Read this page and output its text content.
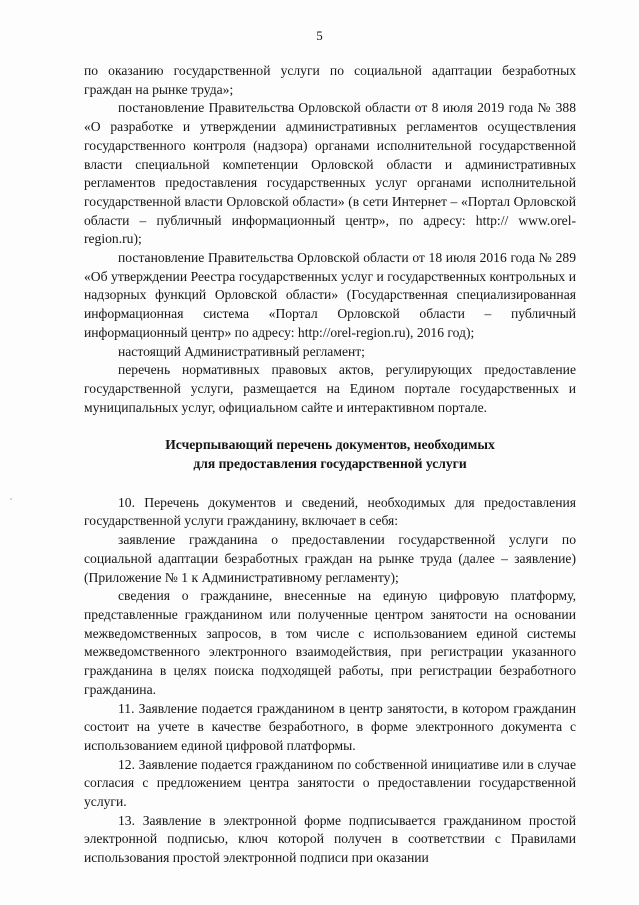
5

по оказанию государственной услуги по социальной адаптации безработных граждан на рынке труда»;

постановление Правительства Орловской области от 8 июля 2019 года № 388 «О разработке и утверждении административных регламентов осуществления государственного контроля (надзора) органами исполнительной государственной власти специальной компетенции Орловской области и административных регламентов предоставления государственных услуг органами исполнительной государственной власти Орловской области» (в сети Интернет – «Портал Орловской области – публичный информационный центр», по адресу: http:// www.orel-region.ru);

постановление Правительства Орловской области от 18 июля 2016 года № 289 «Об утверждении Реестра государственных услуг и государственных контрольных и надзорных функций Орловской области» (Государственная специализированная информационная система «Портал Орловской области – публичный информационный центр» по адресу: http://orel-region.ru), 2016 год);

настоящий Административный регламент;

перечень нормативных правовых актов, регулирующих предоставление государственной услуги, размещается на Едином портале государственных и муниципальных услуг, официальном сайте и интерактивном портале.

Исчерпывающий перечень документов, необходимых
для предоставления государственной услуги

10. Перечень документов и сведений, необходимых для предоставления государственной услуги гражданину, включает в себя:

заявление гражданина о предоставлении государственной услуги по социальной адаптации безработных граждан на рынке труда (далее – заявление) (Приложение № 1 к Административному регламенту);

сведения о гражданине, внесенные на единую цифровую платформу, представленные гражданином или полученные центром занятости на основании межведомственных запросов, в том числе с использованием единой системы межведомственного электронного взаимодействия, при регистрации указанного гражданина в целях поиска подходящей работы, при регистрации безработного гражданина.

11. Заявление подается гражданином в центр занятости, в котором гражданин состоит на учете в качестве безработного, в форме электронного документа с использованием единой цифровой платформы.

12. Заявление подается гражданином по собственной инициативе или в случае согласия с предложением центра занятости о предоставлении государственной услуги.

13. Заявление в электронной форме подписывается гражданином простой электронной подписью, ключ которой получен в соответствии с Правилами использования простой электронной подписи при оказании
